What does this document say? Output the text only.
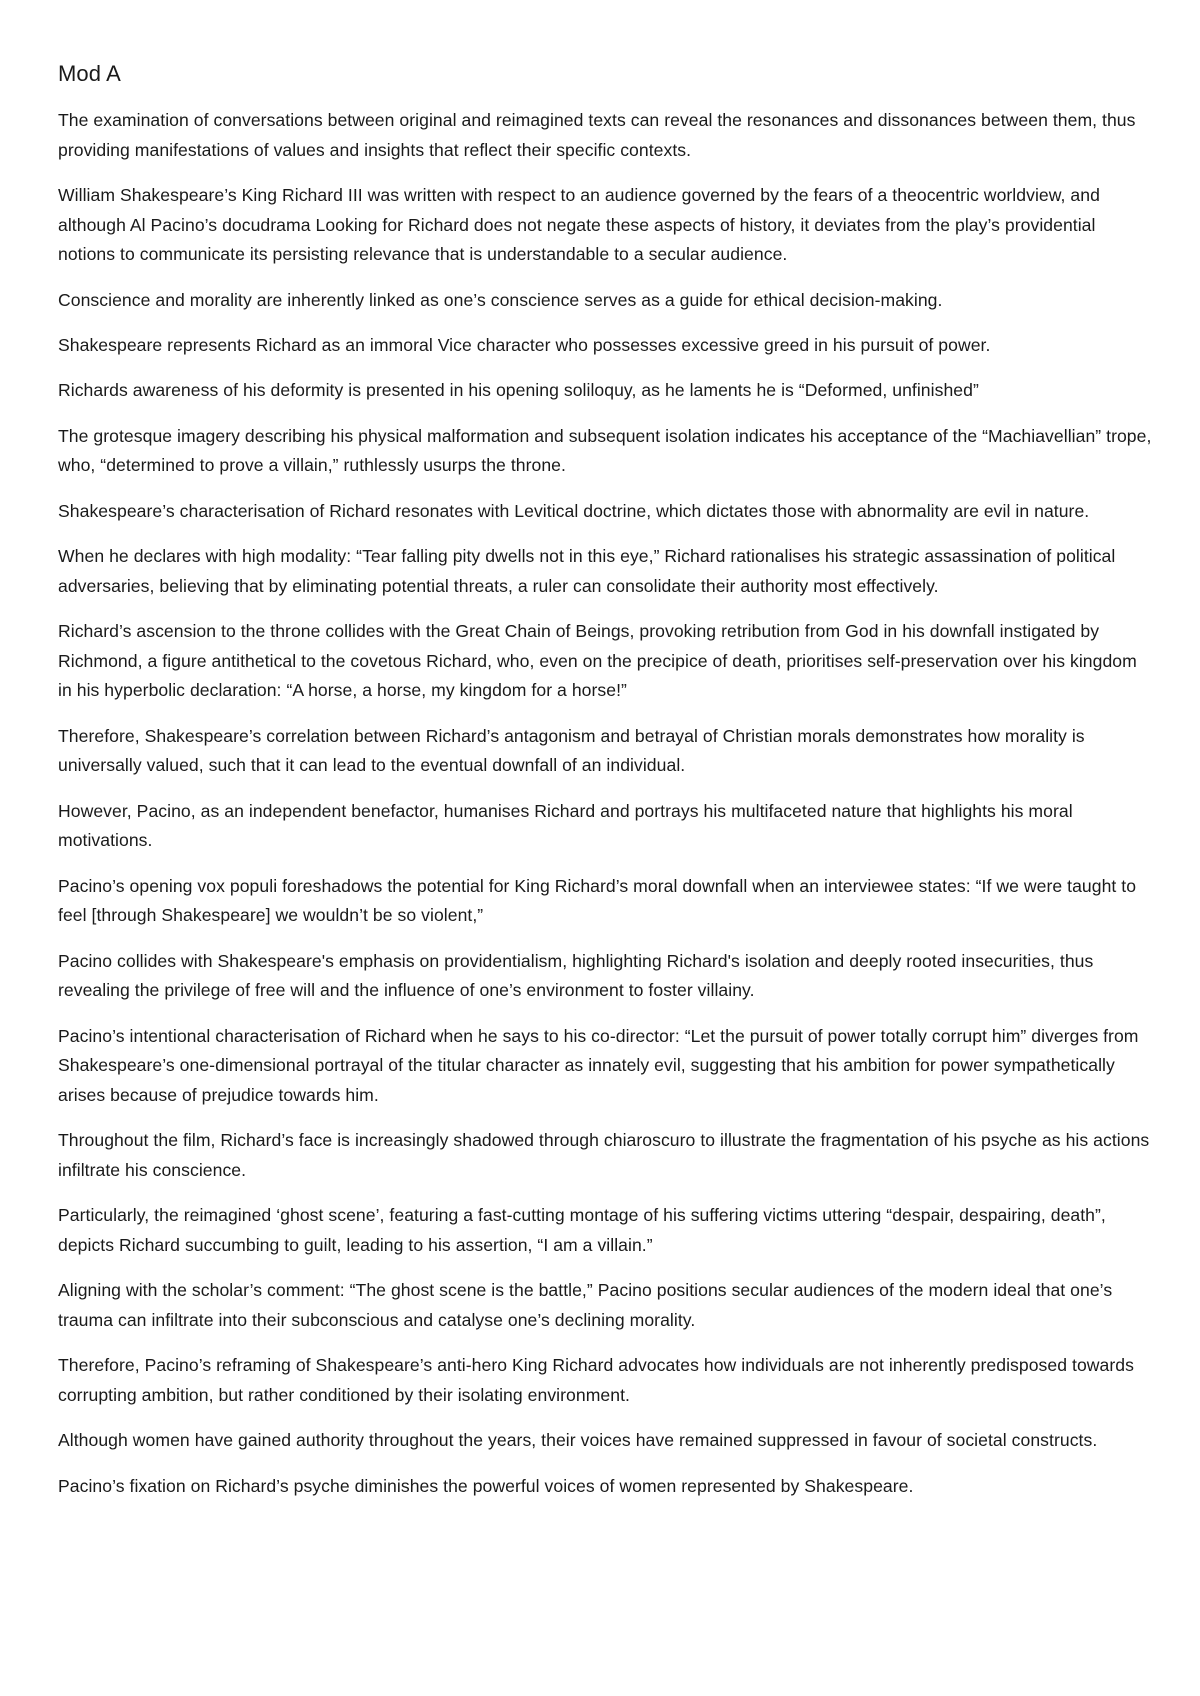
Mod A

The examination of conversations between original and reimagined texts can reveal the resonances and dissonances between them, thus providing manifestations of values and insights that reflect their specific contexts.

William Shakespeare’s King Richard III was written with respect to an audience governed by the fears of a theocentric worldview, and although Al Pacino’s docudrama Looking for Richard does not negate these aspects of history, it deviates from the play’s providential notions to communicate its persisting relevance that is understandable to a secular audience.

Conscience and morality are inherently linked as one’s conscience serves as a guide for ethical decision-making.

Shakespeare represents Richard as an immoral Vice character who possesses excessive greed in his pursuit of power.

Richards awareness of his deformity is presented in his opening soliloquy, as he laments he is “Deformed, unfinished”

The grotesque imagery describing his physical malformation and subsequent isolation indicates his acceptance of the “Machiavellian” trope, who, “determined to prove a villain,” ruthlessly usurps the throne.

Shakespeare’s characterisation of Richard resonates with Levitical doctrine, which dictates those with abnormality are evil in nature.

When he declares with high modality: “Tear falling pity dwells not in this eye,” Richard rationalises his strategic assassination of political adversaries, believing that by eliminating potential threats, a ruler can consolidate their authority most effectively.

Richard’s ascension to the throne collides with the Great Chain of Beings, provoking retribution from God in his downfall instigated by Richmond, a figure antithetical to the covetous Richard, who, even on the precipice of death, prioritises self-preservation over his kingdom in his hyperbolic declaration: “A horse, a horse, my kingdom for a horse!”

Therefore, Shakespeare’s correlation between Richard’s antagonism and betrayal of Christian morals demonstrates how morality is universally valued, such that it can lead to the eventual downfall of an individual.

However, Pacino, as an independent benefactor, humanises Richard and portrays his multifaceted nature that highlights his moral motivations.

Pacino’s opening vox populi foreshadows the potential for King Richard’s moral downfall when an interviewee states: “If we were taught to feel [through Shakespeare] we wouldn’t be so violent,”

Pacino collides with Shakespeare's emphasis on providentialism, highlighting Richard's isolation and deeply rooted insecurities, thus revealing the privilege of free will and the influence of one’s environment to foster villainy.

Pacino’s intentional characterisation of Richard when he says to his co-director: “Let the pursuit of power totally corrupt him” diverges from Shakespeare’s one-dimensional portrayal of the titular character as innately evil, suggesting that his ambition for power sympathetically arises because of prejudice towards him.

Throughout the film, Richard’s face is increasingly shadowed through chiaroscuro to illustrate the fragmentation of his psyche as his actions infiltrate his conscience.

Particularly, the reimagined ‘ghost scene’, featuring a fast-cutting montage of his suffering victims uttering “despair, despairing, death”, depicts Richard succumbing to guilt, leading to his assertion, “I am a villain.”

Aligning with the scholar’s comment: “The ghost scene is the battle,” Pacino positions secular audiences of the modern ideal that one’s trauma can infiltrate into their subconscious and catalyse one’s declining morality.

Therefore, Pacino’s reframing of Shakespeare’s anti-hero King Richard advocates how individuals are not inherently predisposed towards corrupting ambition, but rather conditioned by their isolating environment.

Although women have gained authority throughout the years, their voices have remained suppressed in favour of societal constructs.

Pacino’s fixation on Richard’s psyche diminishes the powerful voices of women represented by Shakespeare.
